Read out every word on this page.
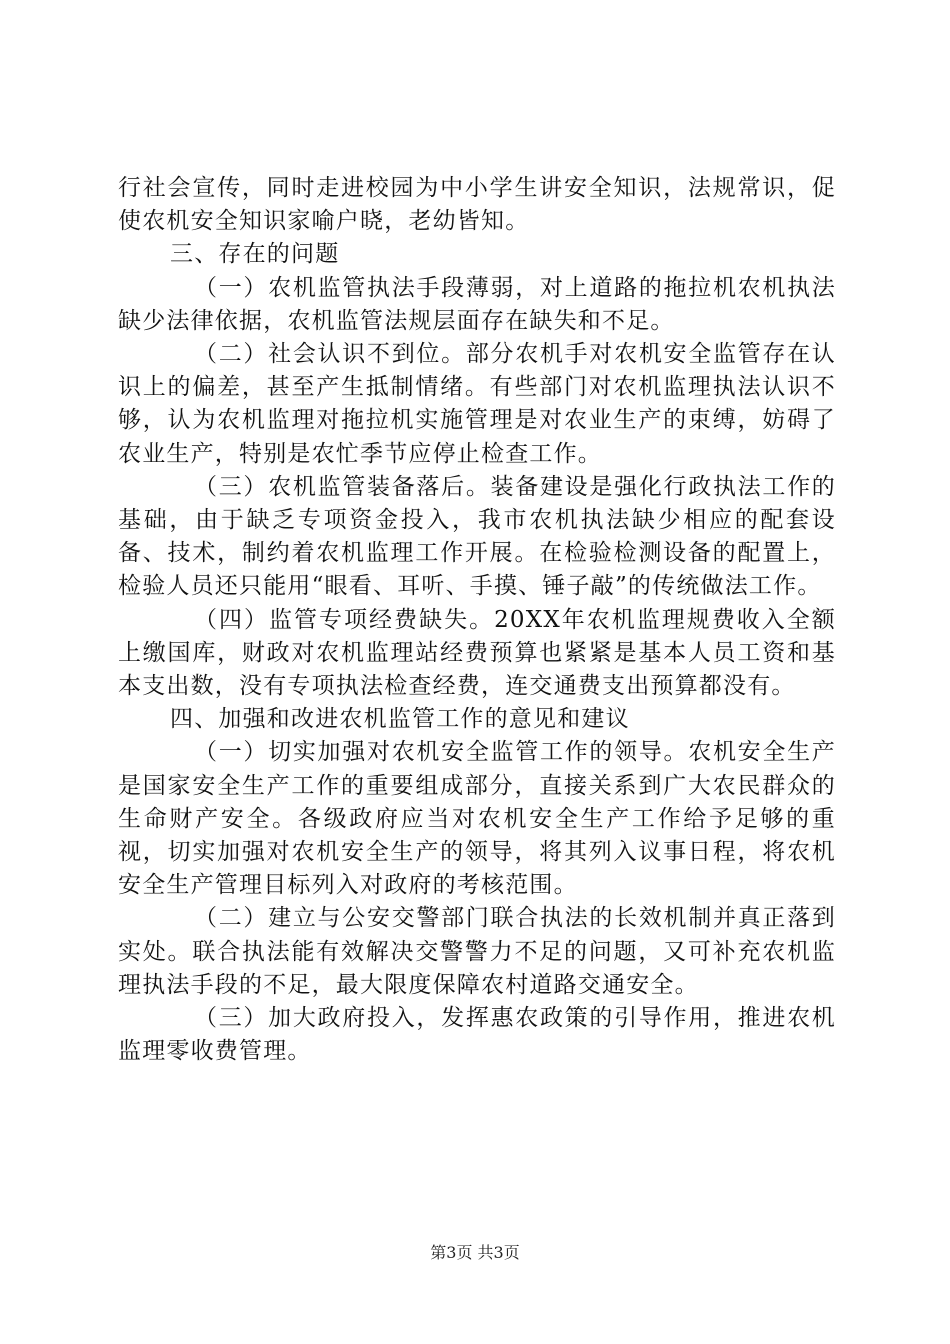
行社会宣传，同时走进校园为中小学生讲安全知识，法规常识，促使农机安全知识家喻户晓，老幼皆知。

三、存在的问题

（一）农机监管执法手段薄弱，对上道路的拖拉机农机执法缺少法律依据，农机监管法规层面存在缺失和不足。

（二）社会认识不到位。部分农机手对农机安全监管存在认识上的偏差，甚至产生抵制情绪。有些部门对农机监理执法认识不够，认为农机监理对拖拉机实施管理是对农业生产的束缚，妨碍了农业生产，特别是农忙季节应停止检查工作。

（三）农机监管装备落后。装备建设是强化行政执法工作的基础，由于缺乏专项资金投入，我市农机执法缺少相应的配套设备、技术，制约着农机监理工作开展。在检验检测设备的配置上，检验人员还只能用“眼看、耳听、手摸、锤子敲”的传统做法工作。

（四）监管专项经费缺失。20XX年农机监理规费收入全额上缴国库，财政对农机监理站经费预算也紧紧是基本人员工资和基本支出数，没有专项执法检查经费，连交通费支出预算都没有。

四、加强和改进农机监管工作的意见和建议

（一）切实加强对农机安全监管工作的领导。农机安全生产是国家安全生产工作的重要组成部分，直接关系到广大农民群众的生命财产安全。各级政府应当对农机安全生产工作给予足够的重视，切实加强对农机安全生产的领导，将其列入议事日程，将农机安全生产管理目标列入对政府的考核范围。

（二）建立与公安交警部门联合执法的长效机制并真正落到实处。联合执法能有效解决交警警力不足的问题，又可补充农机监理执法手段的不足，最大限度保障农村道路交通安全。

（三）加大政府投入，发挥惠农政策的引导作用，推进农机监理零收费管理。

第3页 共3页
